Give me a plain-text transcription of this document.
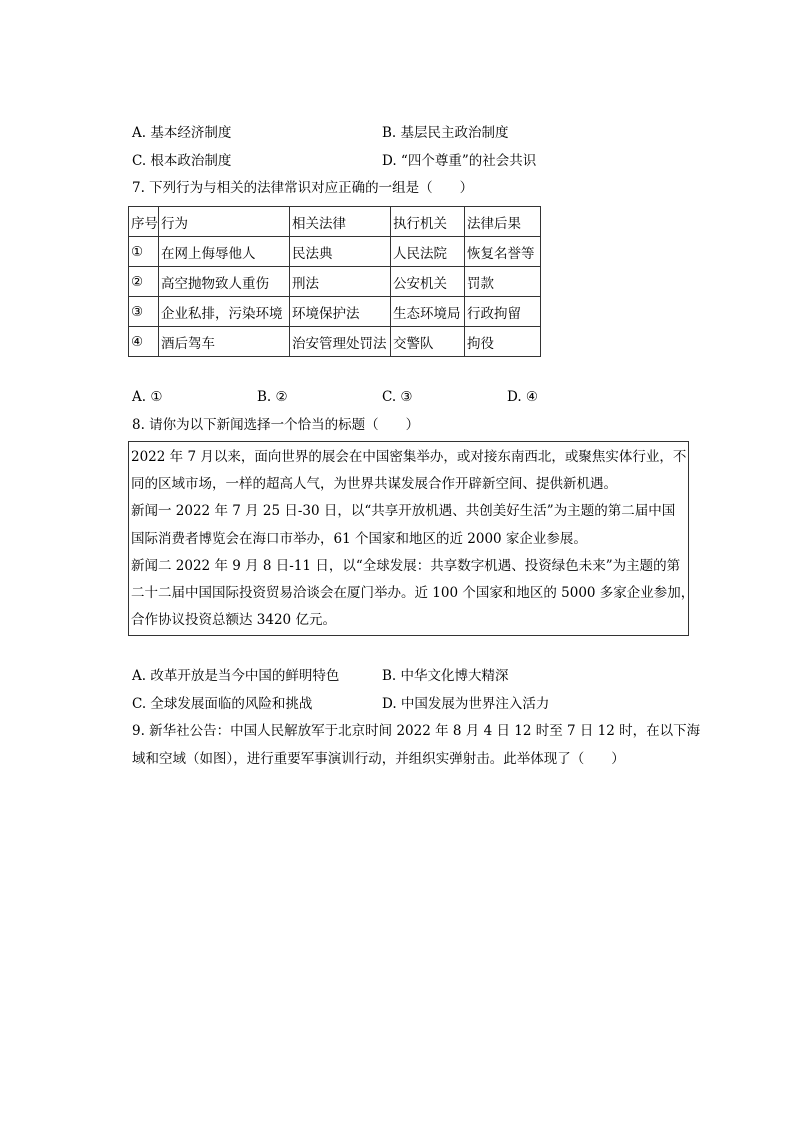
A. 基本经济制度	B. 基层民主政治制度
C. 根本政治制度	D. “四个尊重”的社会共识
7. 下列行为与相关的法律常识对应正确的一组是（　　）
序号	行为	相关法律	执行机关	法律后果
①	在网上侮辱他人	民法典	人民法院	恢复名誉等
②	高空抛物致人重伤	刑法	公安机关	罚款
③	企业私排，污染环境	环境保护法	生态环境局	行政拘留
④	酒后驾车	治安管理处罚法	交警队	拘役
A. ①	B. ②	C. ③	D. ④
8. 请你为以下新闻选择一个恰当的标题（　　）
2022 年 7 月以来，面向世界的展会在中国密集举办，或对接东南西北，或聚焦实体行业，不
同的区域市场，一样的超高人气，为世界共谋发展合作开辟新空间、提供新机遇。
新闻一 2022 年 7 月 25 日-30 日，以“共享开放机遇、共创美好生活”为主题的第二届中国
国际消费者博览会在海口市举办，61 个国家和地区的近 2000 家企业参展。
新闻二 2022 年 9 月 8 日-11 日，以“全球发展：共享数字机遇、投资绿色未来”为主题的第
二十二届中国国际投资贸易洽谈会在厦门举办。近 100 个国家和地区的 5000 多家企业参加，
合作协议投资总额达 3420 亿元。
A. 改革开放是当今中国的鲜明特色	B. 中华文化博大精深
C. 全球发展面临的风险和挑战	D. 中国发展为世界注入活力
9. 新华社公告：中国人民解放军于北京时间 2022 年 8 月 4 日 12 时至 7 日 12 时，在以下海
域和空域（如图），进行重要军事演训行动，并组织实弹射击。此举体现了（　　）
